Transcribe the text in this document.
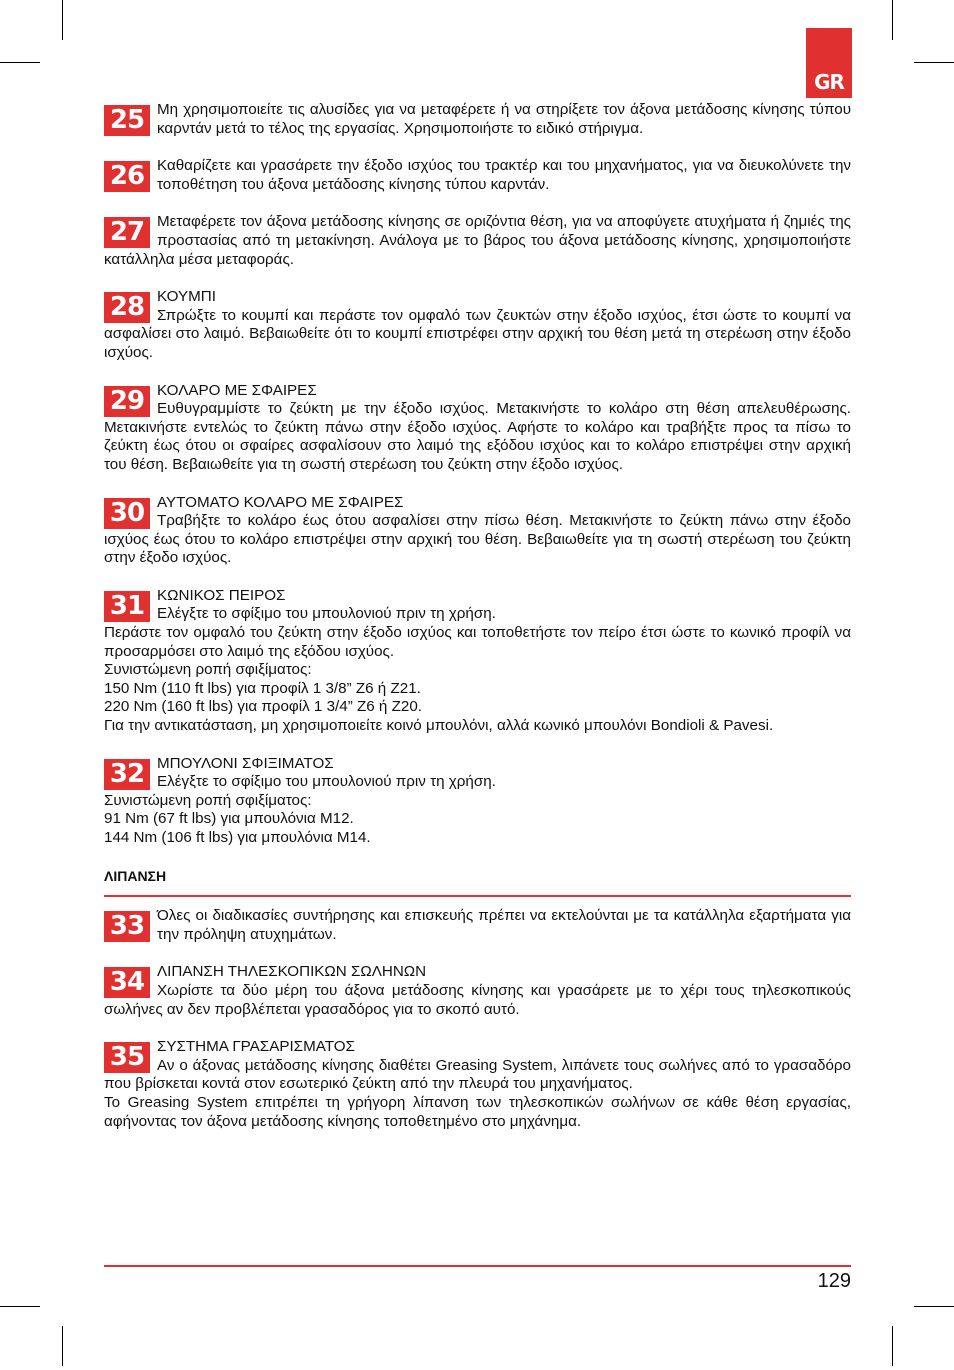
GR
25 Μη χρησιμοποιείτε τις αλυσίδες για να μεταφέρετε ή να στηρίξετε τον άξονα μετάδοσης κίνησης τύπου καρντάν μετά το τέλος της εργασίας. Χρησιμοποιήστε το ειδικό στήριγμα.

26 Καθαρίζετε και γρασάρετε την έξοδο ισχύος του τρακτέρ και του μηχανήματος, για να διευκολύνετε την τοποθέτηση του άξονα μετάδοσης κίνησης τύπου καρντάν.

27 Μεταφέρετε τον άξονα μετάδοσης κίνησης σε οριζόντια θέση, για να αποφύγετε ατυχήματα ή ζημιές της προστασίας από τη μετακίνηση. Ανάλογα με το βάρος του άξονα μετάδοσης κίνησης, χρησιμοποιήστε κατάλληλα μέσα μεταφοράς.

28 ΚΟΥΜΠΙ

Σπρώξτε το κουμπί και περάστε τον ομφαλό των ζευκτών στην έξοδο ισχύος, έτσι ώστε το κουμπί να ασφαλίσει στο λαιμό. Βεβαιωθείτε ότι το κουμπί επιστρέφει στην αρχική του θέση μετά τη στερέωση στην έξοδο ισχύος.

29 ΚΟΛΑΡΟ ΜΕ ΣΦΑΙΡΕΣ

Ευθυγραμμίστε το ζεύκτη με την έξοδο ισχύος. Μετακινήστε το κολάρο στη θέση απελευθέρωσης. Μετακινήστε εντελώς το ζεύκτη πάνω στην έξοδο ισχύος. Αφήστε το κολάρο και τραβήξτε προς τα πίσω το ζεύκτη έως ότου οι σφαίρες ασφαλίσουν στο λαιμό της εξόδου ισχύος και το κολάρο επιστρέψει στην αρχική του θέση. Βεβαιωθείτε για τη σωστή στερέωση του ζεύκτη στην έξοδο ισχύος.

30 ΑΥΤΟΜΑΤΟ ΚΟΛΑΡΟ ΜΕ ΣΦΑΙΡΕΣ

Τραβήξτε το κολάρο έως ότου ασφαλίσει στην πίσω θέση. Μετακινήστε το ζεύκτη πάνω στην έξοδο ισχύος έως ότου το κολάρο επιστρέψει στην αρχική του θέση. Βεβαιωθείτε για τη σωστή στερέωση του ζεύκτη στην έξοδο ισχύος.

31 ΚΩΝΙΚΟΣ ΠΕΙΡΟΣ

Ελέγξτε το σφίξιμο του μπουλονιού πριν τη χρήση.

Περάστε τον ομφαλό του ζεύκτη στην έξοδο ισχύος και τοποθετήστε τον πείρο έτσι ώστε το κωνικό προφίλ να προσαρμόσει στο λαιμό της εξόδου ισχύος.

Συνιστώμενη ροπή σφιξίματος:

150 Nm (110 ft lbs) για προφίλ 1 3/8” Z6 ή Z21.

220 Nm (160 ft lbs) για προφίλ 1 3/4” Z6 ή Z20.

Για την αντικατάσταση, μη χρησιμοποιείτε κοινό μπουλόνι, αλλά κωνικό μπουλόνι Bondioli & Pavesi.

32 ΜΠΟΥΛΟΝΙ ΣΦΙΞΙΜΑΤΟΣ

Ελέγξτε το σφίξιμο του μπουλονιού πριν τη χρήση.

Συνιστώμενη ροπή σφιξίματος:

91 Nm (67 ft lbs) για μπουλόνια M12.

144 Nm (106 ft lbs) για μπουλόνια M14.

ΛΙΠΑΝΣΗ
33 Όλες οι διαδικασίες συντήρησης και επισκευής πρέπει να εκτελούνται με τα κατάλληλα εξαρτήματα για την πρόληψη ατυχημάτων.

34 ΛΙΠΑΝΣΗ ΤΗΛΕΣΚΟΠΙΚΩΝ ΣΩΛΗΝΩΝ

Χωρίστε τα δύο μέρη του άξονα μετάδοσης κίνησης και γρασάρετε με το χέρι τους τηλεσκοπικούς σωλήνες αν δεν προβλέπεται γρασαδόρος για το σκοπό αυτό.

35 ΣΥΣΤΗΜΑ ΓΡΑΣΑΡΙΣΜΑΤΟΣ

Αν ο άξονας μετάδοσης κίνησης διαθέτει Greasing System, λιπάνετε τους σωλήνες από το γρασαδόρο που βρίσκεται κοντά στον εσωτερικό ζεύκτη από την πλευρά του μηχανήματος.

Το Greasing System επιτρέπει τη γρήγορη λίπανση των τηλεσκοπικών σωλήνων σε κάθε θέση εργασίας, αφήνοντας τον άξονα μετάδοσης κίνησης τοποθετημένο στο μηχάνημα.

129
